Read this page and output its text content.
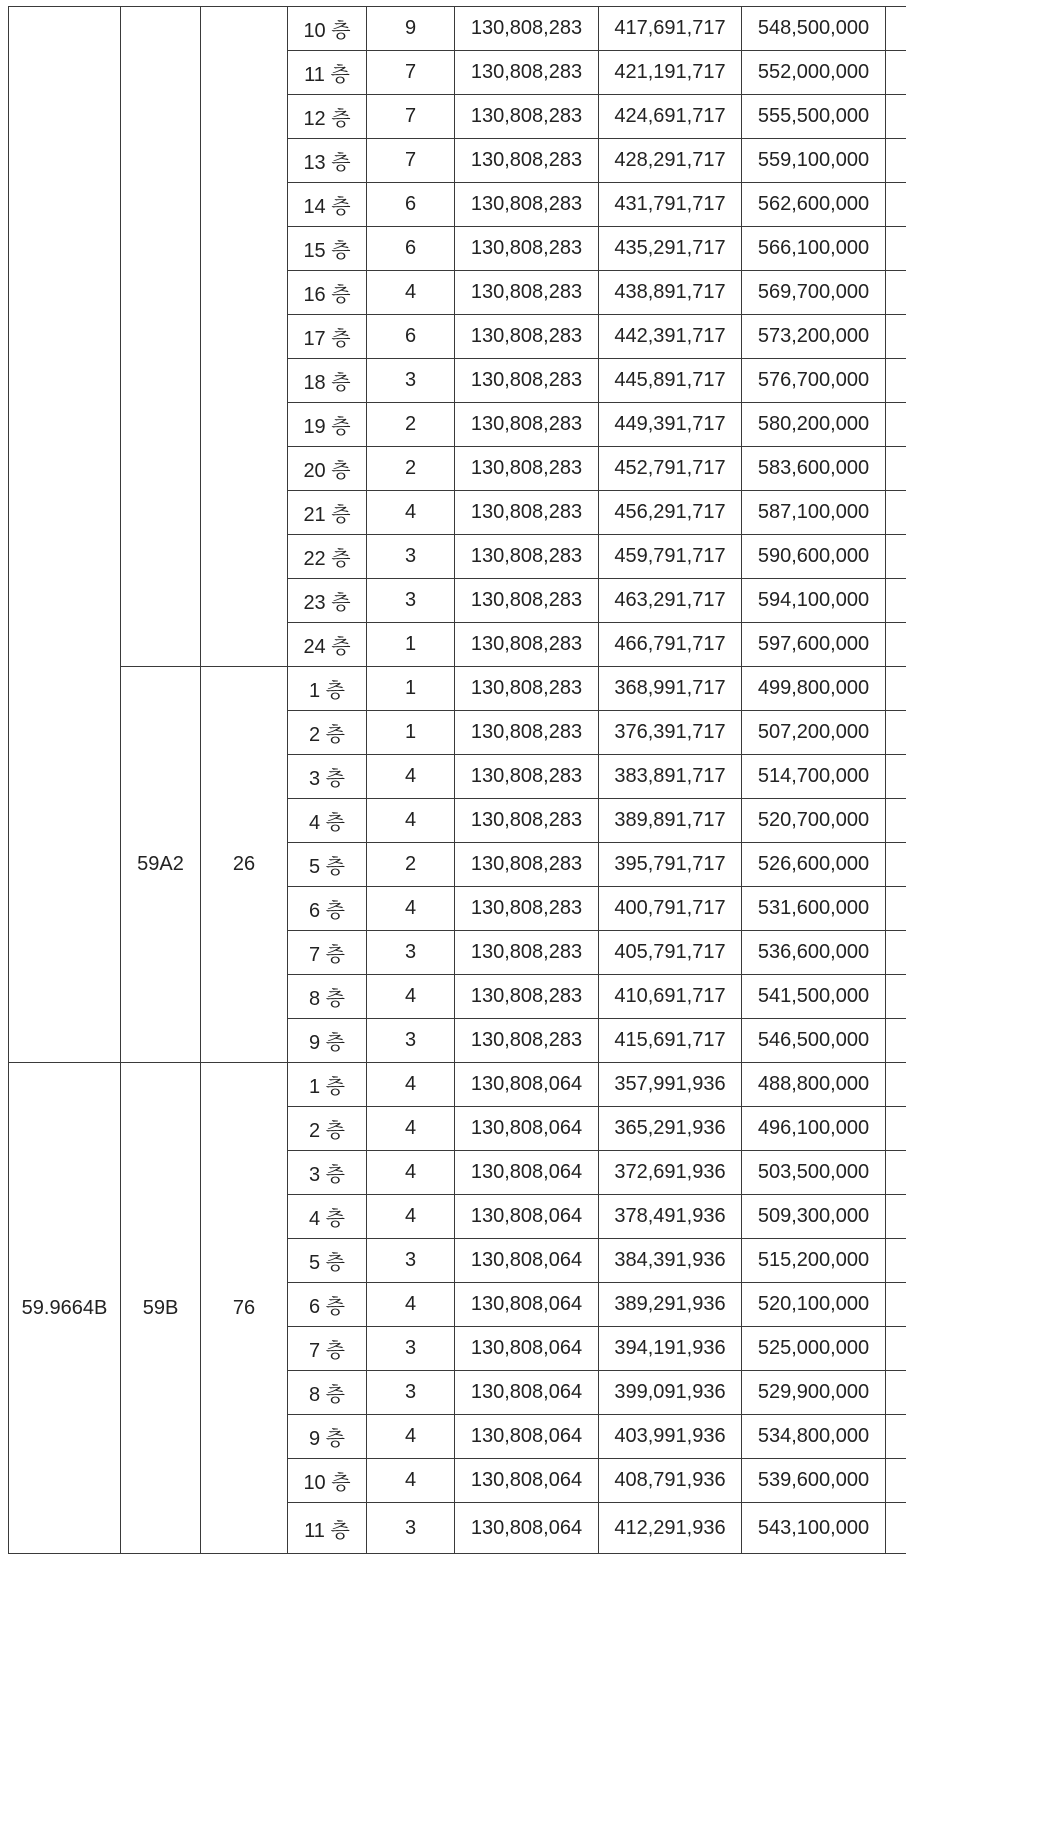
			10 층	9	130,808,283	417,691,717	548,500,000	
			11 층	7	130,808,283	421,191,717	552,000,000	
			12 층	7	130,808,283	424,691,717	555,500,000	
			13 층	7	130,808,283	428,291,717	559,100,000	
			14 층	6	130,808,283	431,791,717	562,600,000	
			15 층	6	130,808,283	435,291,717	566,100,000	
			16 층	4	130,808,283	438,891,717	569,700,000	
			17 층	6	130,808,283	442,391,717	573,200,000	
			18 층	3	130,808,283	445,891,717	576,700,000	
			19 층	2	130,808,283	449,391,717	580,200,000	
			20 층	2	130,808,283	452,791,717	583,600,000	
			21 층	4	130,808,283	456,291,717	587,100,000	
			22 층	3	130,808,283	459,791,717	590,600,000	
			23 층	3	130,808,283	463,291,717	594,100,000	
			24 층	1	130,808,283	466,791,717	597,600,000	
	59A2	26	1 층	1	130,808,283	368,991,717	499,800,000	
			2 층	1	130,808,283	376,391,717	507,200,000	
			3 층	4	130,808,283	383,891,717	514,700,000	
			4 층	4	130,808,283	389,891,717	520,700,000	
			5 층	2	130,808,283	395,791,717	526,600,000	
			6 층	4	130,808,283	400,791,717	531,600,000	
			7 층	3	130,808,283	405,791,717	536,600,000	
			8 층	4	130,808,283	410,691,717	541,500,000	
			9 층	3	130,808,283	415,691,717	546,500,000	
59.9664B	59B	76	1 층	4	130,808,064	357,991,936	488,800,000	
			2 층	4	130,808,064	365,291,936	496,100,000	
			3 층	4	130,808,064	372,691,936	503,500,000	
			4 층	4	130,808,064	378,491,936	509,300,000	
			5 층	3	130,808,064	384,391,936	515,200,000	
			6 층	4	130,808,064	389,291,936	520,100,000	
			7 층	3	130,808,064	394,191,936	525,000,000	
			8 층	3	130,808,064	399,091,936	529,900,000	
			9 층	4	130,808,064	403,991,936	534,800,000	
			10 층	4	130,808,064	408,791,936	539,600,000	
			11 층	3	130,808,064	412,291,936	543,100,000	
